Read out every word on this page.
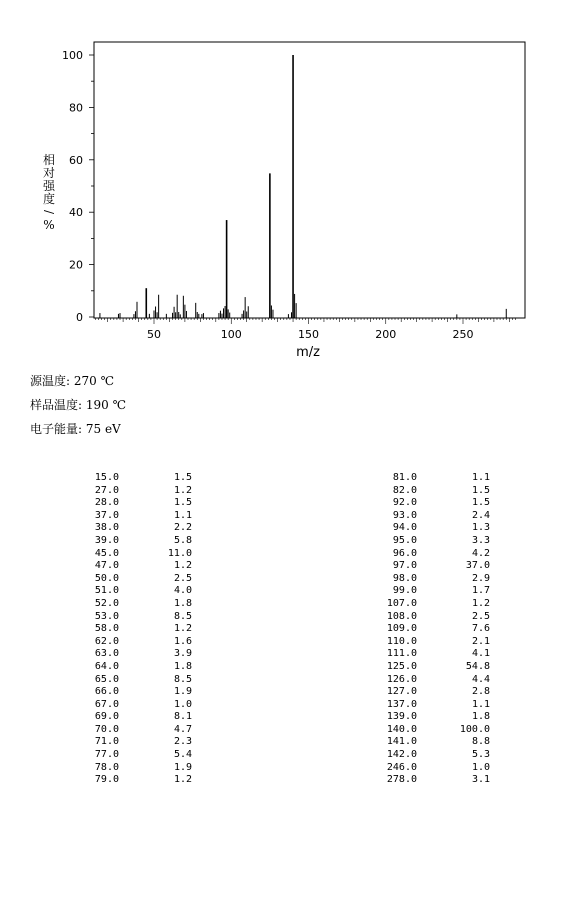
50	100	150	200	250
0
20
40
60
80
100
m/z
相
对
强
度
/
%
源温度: 270 ℃
样品温度: 190 ℃
电子能量: 75 eV
15.0	1.5
27.0	1.2
28.0	1.5
37.0	1.1
38.0	2.2
39.0	5.8
45.0	11.0
47.0	1.2
50.0	2.5
51.0	4.0
52.0	1.8
53.0	8.5
58.0	1.2
62.0	1.6
63.0	3.9
64.0	1.8
65.0	8.5
66.0	1.9
67.0	1.0
69.0	8.1
70.0	4.7
71.0	2.3
77.0	5.4
78.0	1.9
79.0	1.2
81.0	1.1
82.0	1.5
92.0	1.5
93.0	2.4
94.0	1.3
95.0	3.3
96.0	4.2
97.0	37.0
98.0	2.9
99.0	1.7
107.0	1.2
108.0	2.5
109.0	7.6
110.0	2.1
111.0	4.1
125.0	54.8
126.0	4.4
127.0	2.8
137.0	1.1
139.0	1.8
140.0	100.0
141.0	8.8
142.0	5.3
246.0	1.0
278.0	3.1
